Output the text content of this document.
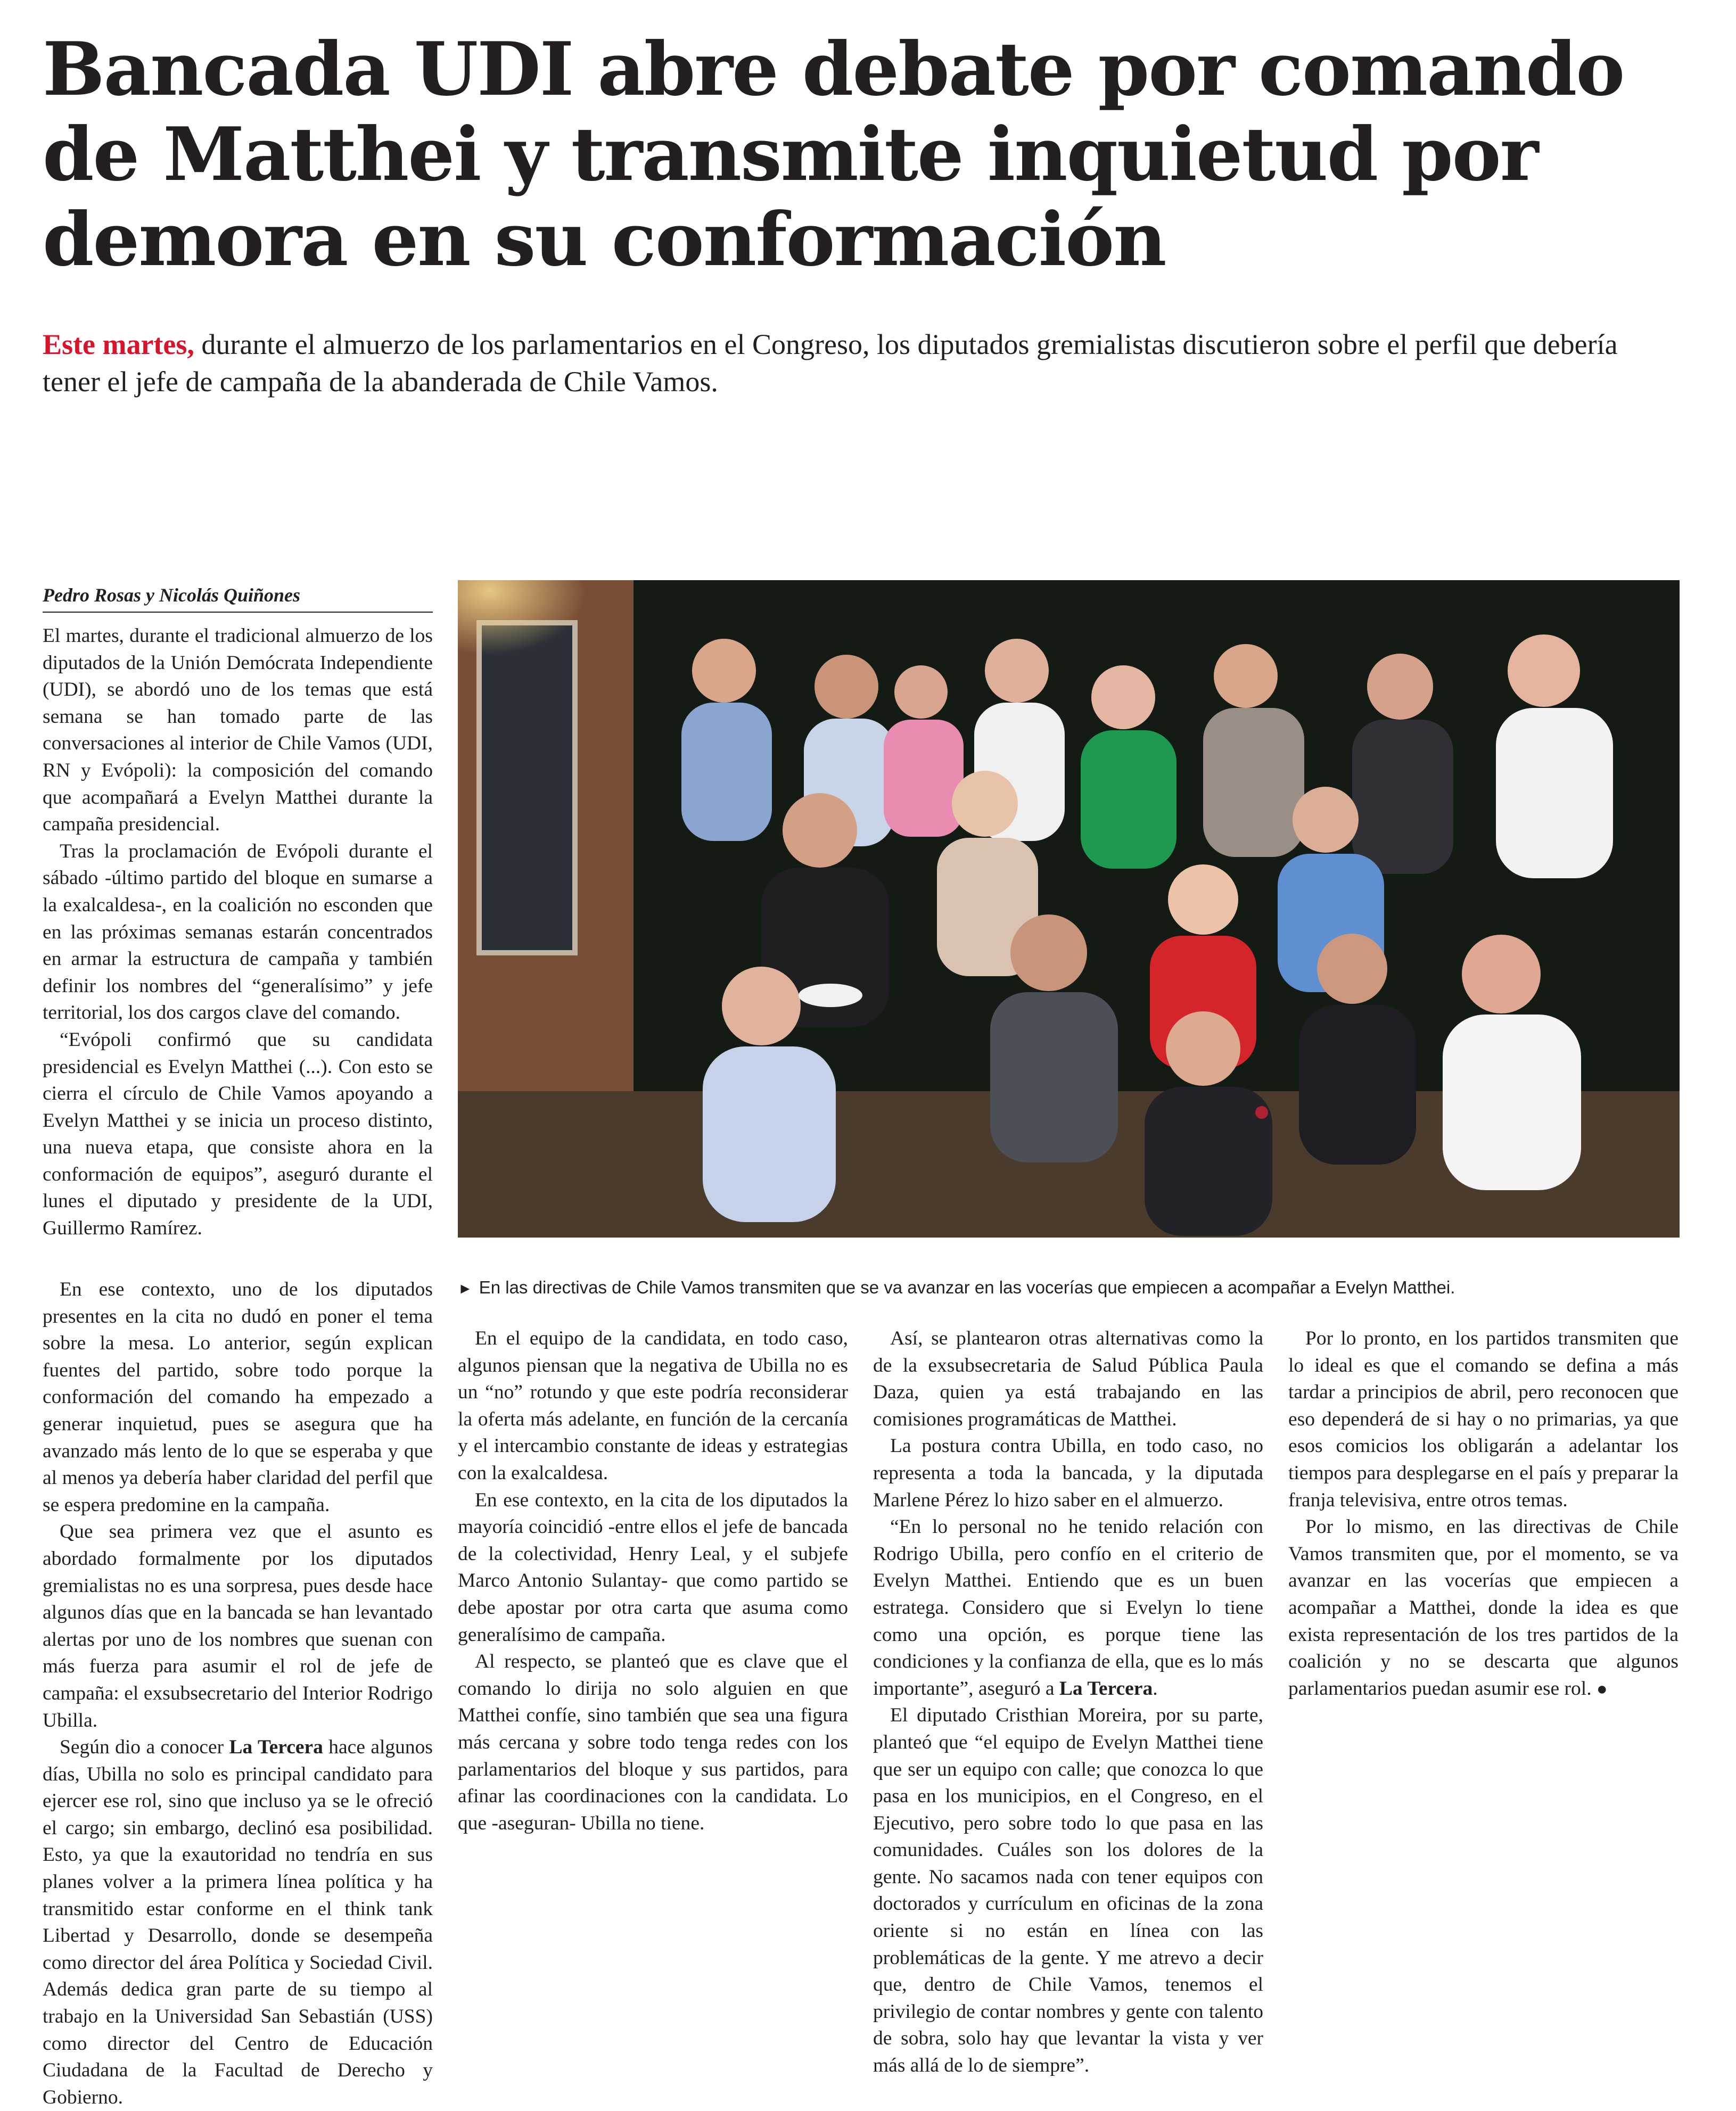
Bancada UDI abre debate por comando de Matthei y transmite inquietud por demora en su conformación
Este martes, durante el almuerzo de los parlamentarios en el Congreso, los diputados gremialistas discutieron sobre el perfil que debería tener el jefe de campaña de la abanderada de Chile Vamos.
Pedro Rosas y Nicolás Quiñones

El martes, durante el tradicional almuerzo de los diputados de la Unión Demócrata Independiente (UDI), se abordó uno de los temas que está semana se han tomado parte de las conversaciones al interior de Chile Vamos (UDI, RN y Evópoli): la composición del comando que acompañará a Evelyn Matthei durante la campaña presidencial.

Tras la proclamación de Evópoli durante el sábado -último partido del bloque en sumarse a la exalcaldesa-, en la coalición no esconden que en las próximas semanas estarán concentrados en armar la estructura de campaña y también definir los nombres del “generalísimo” y jefe territorial, los dos cargos clave del comando.

“Evópoli confirmó que su candidata presidencial es Evelyn Matthei (...). Con esto se cierra el círculo de Chile Vamos apoyando a Evelyn Matthei y se inicia un proceso distinto, una nueva etapa, que consiste ahora en la conformación de equipos”, aseguró durante el lunes el diputado y presidente de la UDI, Guillermo Ramírez.

► En las directivas de Chile Vamos transmiten que se va avanzar en las vocerías que empiecen a acompañar a Evelyn Matthei.

En ese contexto, uno de los diputados presentes en la cita no dudó en poner el tema sobre la mesa. Lo anterior, según explican fuentes del partido, sobre todo porque la conformación del comando ha empezado a generar inquietud, pues se asegura que ha avanzado más lento de lo que se esperaba y que al menos ya debería haber claridad del perfil que se espera predomine en la campaña.

Que sea primera vez que el asunto es abordado formalmente por los diputados gremialistas no es una sorpresa, pues desde hace algunos días que en la bancada se han levantado alertas por uno de los nombres que suenan con más fuerza para asumir el rol de jefe de campaña: el exsubsecretario del Interior Rodrigo Ubilla.

Según dio a conocer La Tercera hace algunos días, Ubilla no solo es principal candidato para ejercer ese rol, sino que incluso ya se le ofreció el cargo; sin embargo, declinó esa posibilidad. Esto, ya que la exautoridad no tendría en sus planes volver a la primera línea política y ha transmitido estar conforme en el think tank Libertad y Desarrollo, donde se desempeña como director del área Política y Sociedad Civil. Además dedica gran parte de su tiempo al trabajo en la Universidad San Sebastián (USS) como director del Centro de Educación Ciudadana de la Facultad de Derecho y Gobierno.

En el equipo de la candidata, en todo caso, algunos piensan que la negativa de Ubilla no es un “no” rotundo y que este podría reconsiderar la oferta más adelante, en función de la cercanía y el intercambio constante de ideas y estrategias con la exalcaldesa.

En ese contexto, en la cita de los diputados la mayoría coincidió -entre ellos el jefe de bancada de la colectividad, Henry Leal, y el subjefe Marco Antonio Sulantay- que como partido se debe apostar por otra carta que asuma como generalísimo de campaña.

Al respecto, se planteó que es clave que el comando lo dirija no solo alguien en que Matthei confíe, sino también que sea una figura más cercana y sobre todo tenga redes con los parlamentarios del bloque y sus partidos, para afinar las coordinaciones con la candidata. Lo que -aseguran- Ubilla no tiene.

Así, se plantearon otras alternativas como la de la exsubsecretaria de Salud Pública Paula Daza, quien ya está trabajando en las comisiones programáticas de Matthei.

La postura contra Ubilla, en todo caso, no representa a toda la bancada, y la diputada Marlene Pérez lo hizo saber en el almuerzo.

“En lo personal no he tenido relación con Rodrigo Ubilla, pero confío en el criterio de Evelyn Matthei. Entiendo que es un buen estratega. Considero que si Evelyn lo tiene como una opción, es porque tiene las condiciones y la confianza de ella, que es lo más importante”, aseguró a La Tercera.

El diputado Cristhian Moreira, por su parte, planteó que “el equipo de Evelyn Matthei tiene que ser un equipo con calle; que conozca lo que pasa en los municipios, en el Congreso, en el Ejecutivo, pero sobre todo lo que pasa en las comunidades. Cuáles son los dolores de la gente. No sacamos nada con tener equipos con doctorados y currículum en oficinas de la zona oriente si no están en línea con las problemáticas de la gente. Y me atrevo a decir que, dentro de Chile Vamos, tenemos el privilegio de contar nombres y gente con talento de sobra, solo hay que levantar la vista y ver más allá de lo de siempre”.

Por lo pronto, en los partidos transmiten que lo ideal es que el comando se defina a más tardar a principios de abril, pero reconocen que eso dependerá de si hay o no primarias, ya que esos comicios los obligarán a adelantar los tiempos para desplegarse en el país y preparar la franja televisiva, entre otros temas.

Por lo mismo, en las directivas de Chile Vamos transmiten que, por el momento, se va avanzar en las vocerías que empiecen a acompañar a Matthei, donde la idea es que exista representación de los tres partidos de la coalición y no se descarta que algunos parlamentarios puedan asumir ese rol. ●
